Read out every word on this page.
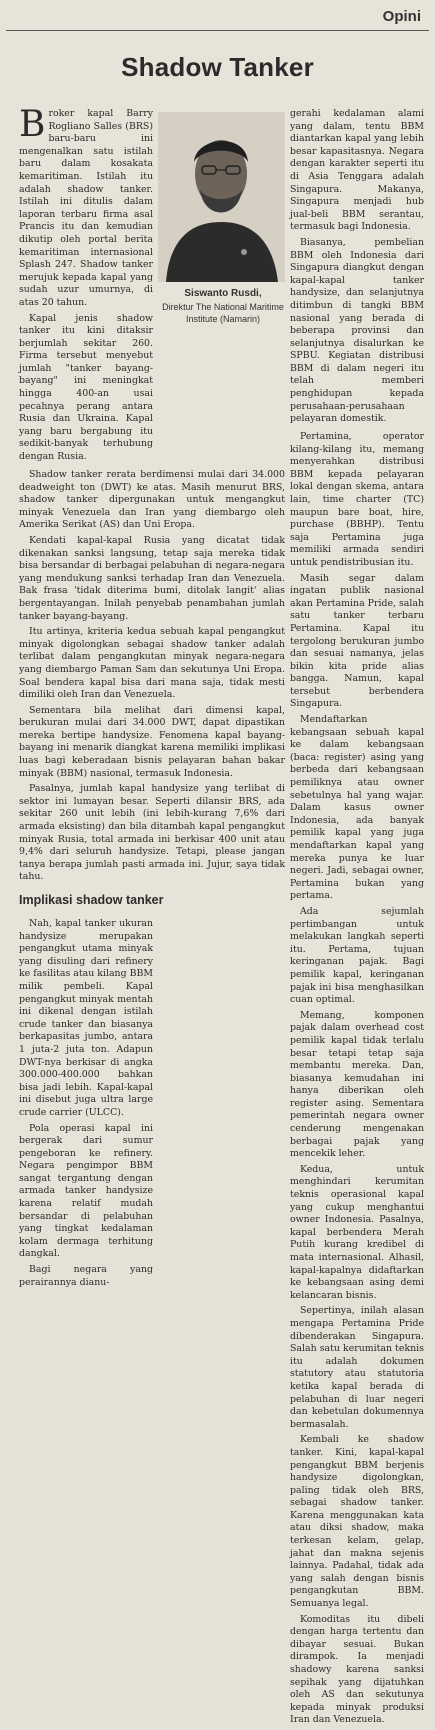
Opini
Shadow Tanker

Broker kapal Barry Rogliano Salles (BRS) baru-baru ini mengenalkan satu istilah baru dalam kosakata kemaritiman. Istilah itu adalah shadow tanker. Istilah ini ditulis dalam laporan terbaru firma asal Prancis itu dan kemudian dikutip oleh portal berita kemaritiman internasional Splash 247. Shadow tanker merujuk kepada kapal yang sudah uzur umurnya, di atas 20 tahun.

Kapal jenis shadow tanker itu kini ditaksir berjumlah sekitar 260. Firma tersebut menyebut jumlah "tanker bayang-bayang" ini meningkat hingga 400-an usai pecahnya perang antara Rusia dan Ukraina. Kapal yang baru bergabung itu sedikit-banyak terhubung dengan Rusia.

Siswanto Rusdi,
Direktur The National Maritime Institute (Namarin)

Shadow tanker rerata berdimensi mulai dari 34.000 deadweight ton (DWT) ke atas. Masih menurut BRS, shadow tanker dipergunakan untuk mengangkut minyak Venezuela dan Iran yang diembargo oleh Amerika Serikat (AS) dan Uni Eropa.

Kendati kapal-kapal Rusia yang dicatat tidak dikenakan sanksi langsung, tetap saja mereka tidak bisa bersandar di berbagai pelabuhan di negara-negara yang mendukung sanksi terhadap Iran dan Venezuela. Bak frasa 'tidak diterima bumi, ditolak langit' alias bergentayangan. Inilah penyebab penambahan jumlah tanker bayang-bayang.

Itu artinya, kriteria kedua sebuah kapal pengangkut minyak digolongkan sebagai shadow tanker adalah terlibat dalam pengangkutan minyak negara-negara yang diembargo Paman Sam dan sekutunya Uni Eropa. Soal bendera kapal bisa dari mana saja, tidak mesti dimiliki oleh Iran dan Venezuela.

Sementara bila melihat dari dimensi kapal, berukuran mulai dari 34.000 DWT, dapat dipastikan mereka bertipe handysize. Fenomena kapal bayang-bayang ini menarik diangkat karena memiliki implikasi luas bagi keberadaan bisnis pelayaran bahan bakar minyak (BBM) nasional, termasuk Indonesia.

Pasalnya, jumlah kapal handysize yang terlibat di sektor ini lumayan besar. Seperti dilansir BRS, ada sekitar 260 unit lebih (ini lebih-kurang 7,6% dari armada eksisting) dan bila ditambah kapal pengangkut minyak Rusia, total armada ini berkisar 400 unit atau 9,4% dari seluruh handysize. Tetapi, please jangan tanya berapa jumlah pasti armada ini. Jujur, saya tidak tahu.

Implikasi shadow tanker

Nah, kapal tanker ukuran handysize merupakan pengangkut utama minyak yang disuling dari refinery ke fasilitas atau kilang BBM milik pembeli. Kapal pengangkut minyak mentah ini dikenal dengan istilah crude tanker dan biasanya berkapasitas jumbo, antara 1 juta-2 juta ton. Adapun DWT-nya berkisar di angka 300.000-400.000 bahkan bisa jadi lebih. Kapal-kapal ini disebut juga ultra large crude carrier (ULCC).

Pola operasi kapal ini bergerak dari sumur pengeboran ke refinery. Negara pengimpor BBM sangat tergantung dengan armada tanker handysize karena relatif mudah bersandar di pelabuhan yang tingkat kedalaman kolam dermaga terhitung dangkal.

Bagi negara yang perairannya dianu-

gerahi kedalaman alami yang dalam, tentu BBM diantarkan kapal yang lebih besar kapasitasnya. Negara dengan karakter seperti itu di Asia Tenggara adalah Singapura. Makanya, Singapura menjadi hub jual-beli BBM serantau, termasuk bagi Indonesia.

Biasanya, pembelian BBM oleh Indonesia dari Singapura diangkut dengan kapal-kapal tanker handysize, dan selanjutnya ditimbun di tangki BBM nasional yang berada di beberapa provinsi dan selanjutnya disalurkan ke SPBU. Kegiatan distribusi BBM di dalam negeri itu telah memberi penghidupan kepada perusahaan-perusahaan pelayaran domestik.

Pertamina, operator kilang-kilang itu, memang menyerahkan distribusi BBM kepada pelayaran lokal dengan skema, antara lain, time charter (TC) maupun bare boat, hire, purchase (BBHP). Tentu saja Pertamina juga memiliki armada sendiri untuk pendistribusian itu.

Masih segar dalam ingatan publik nasional akan Pertamina Pride, salah satu tanker terbaru Pertamina. Kapal itu tergolong berukuran jumbo dan sesuai namanya, jelas bikin kita pride alias bangga. Namun, kapal tersebut berbendera Singapura.

Mendaftarkan kebangsaan sebuah kapal ke dalam kebangsaan (baca: register) asing yang berbeda dari kebangsaan pemiliknya atau owner sebetulnya hal yang wajar. Dalam kasus owner Indonesia, ada banyak pemilik kapal yang juga mendaftarkan kapal yang mereka punya ke luar negeri. Jadi, sebagai owner, Pertamina bukan yang pertama.

Ada sejumlah pertimbangan untuk melakukan langkah seperti itu. Pertama, tujuan keringanan pajak. Bagi pemilik kapal, keringanan pajak ini bisa menghasilkan cuan optimal.

Memang, komponen pajak dalam overhead cost pemilik kapal tidak terlalu besar tetapi tetap saja membantu mereka. Dan, biasanya kemudahan ini hanya diberikan oleh register asing. Sementara pemerintah negara owner cenderung mengenakan berbagai pajak yang mencekik leher.

Kedua, untuk menghindari kerumitan teknis operasional kapal yang cukup menghantui owner Indonesia. Pasalnya, kapal berbendera Merah Putih kurang kredibel di mata internasional. Alhasil, kapal-kapalnya didaftarkan ke kebangsaan asing demi kelancaran bisnis.

Sepertinya, inilah alasan mengapa Pertamina Pride dibenderakan Singapura. Salah satu kerumitan teknis itu adalah dokumen statutory atau statutoria ketika kapal berada di pelabuhan di luar negeri dan kebetulan dokumennya bermasalah.

Kembali ke shadow tanker. Kini, kapal-kapal pengangkut BBM berjenis handysize digolongkan, paling tidak oleh BRS, sebagai shadow tanker. Karena menggunakan kata atau diksi shadow, maka terkesan kelam, gelap, jahat dan makna sejenis lainnya. Padahal, tidak ada yang salah dengan bisnis pengangkutan BBM. Semuanya legal.

Komoditas itu dibeli dengan harga tertentu dan dibayar sesuai. Bukan dirampok. Ia menjadi shadowy karena sanksi sepihak yang dijatuhkan oleh AS dan sekutunya kepada minyak produksi Iran dan Venezuela.
